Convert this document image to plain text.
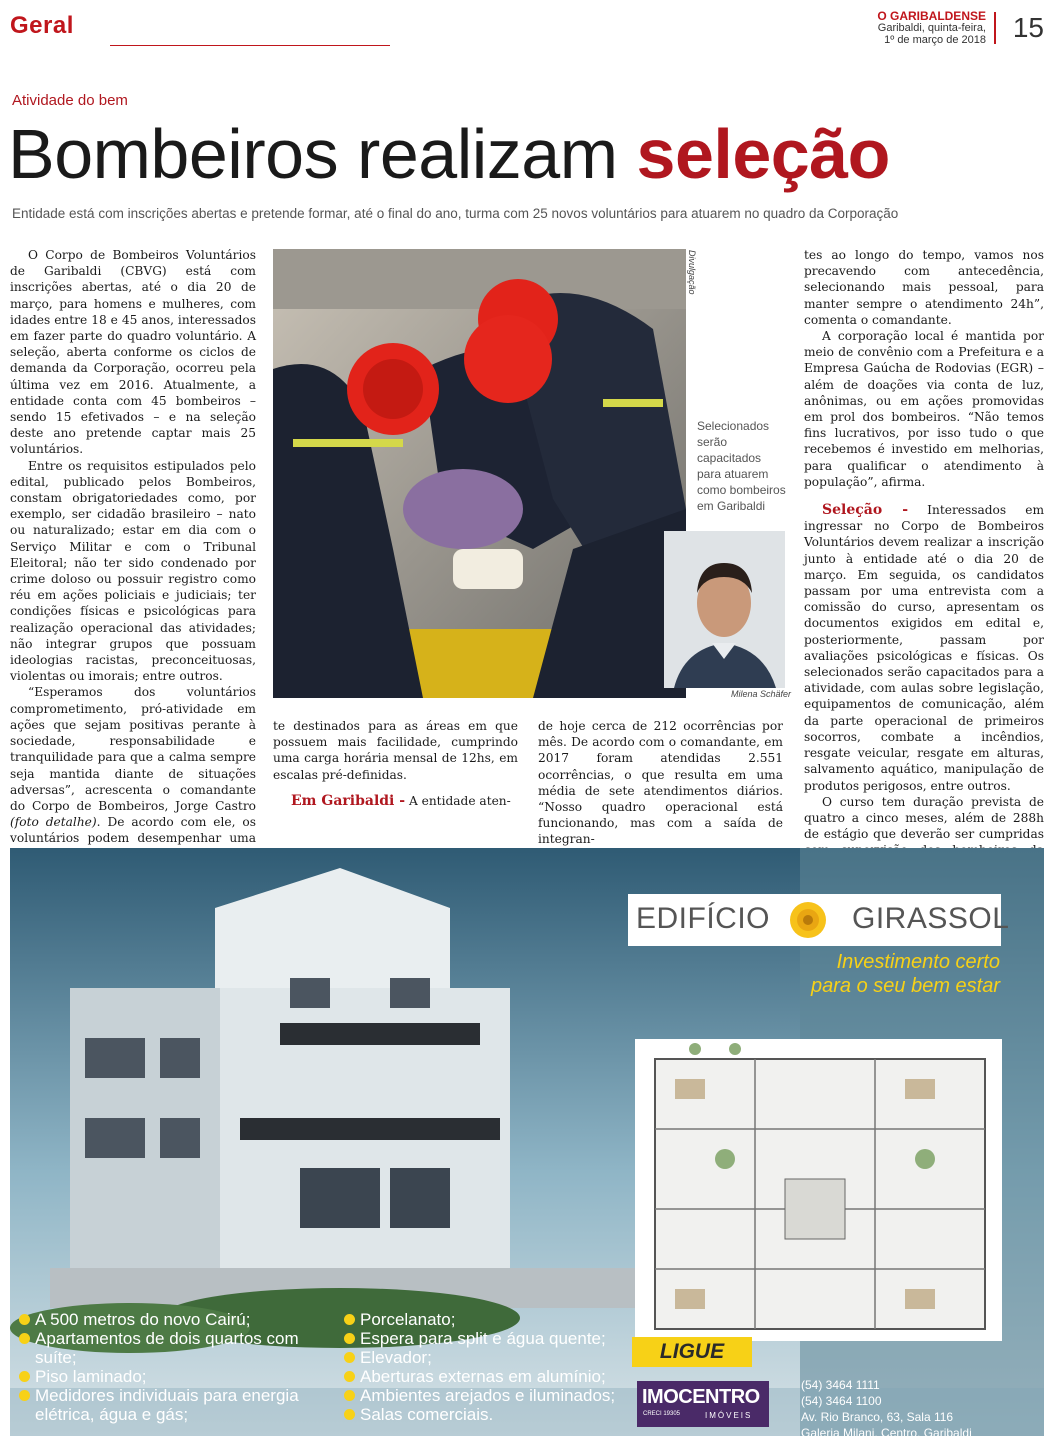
Geral	O GARIBALDENSE
Garibaldi, quinta-feira,
1º de março de 2018 15
Atividade do bem
Bombeiros realizam seleção
Entidade está com inscrições abertas e pretende formar, até o final do ano, turma com 25 novos voluntários para atuarem no quadro da Corporação

O Corpo de Bombeiros Voluntários de Garibaldi (CBVG) está com inscrições abertas, até o dia 20 de março, para homens e mulheres, com idades entre 18 e 45 anos, interessados em fazer parte do quadro voluntário. A seleção, aberta conforme os ciclos de demanda da Corporação, ocorreu pela última vez em 2016. Atualmente, a entidade conta com 45 bombeiros – sendo 15 efetivados – e na seleção deste ano pretende captar mais 25 voluntários.

Entre os requisitos estipulados pelo edital, publicado pelos Bombeiros, constam obrigatoriedades como, por exemplo, ser cidadão brasileiro – nato ou naturalizado; estar em dia com o Serviço Militar e com o Tribunal Eleitoral; não ter sido condenado por crime doloso ou possuir registro como réu em ações policiais e judiciais; ter condições físicas e psicológicas para realização operacional das atividades; não integrar grupos que possuam ideologias racistas, preconceituosas, violentas ou imorais; entre outros.

“Esperamos dos voluntários comprometimento, pró-atividade em ações que sejam positivas perante à sociedade, responsabilidade e tranquilidade para que a calma sempre seja mantida diante de situações adversas”, acrescenta o comandante do Corpo de Bombeiros, Jorge Castro (foto detalhe). De acordo com ele, os voluntários podem desempenhar uma

Divulgação
Selecionados serão capacitados para atuarem como bombeiros em Garibaldi
Milena Schäfer

te destinados para as áreas em que possuem mais facilidade, cumprindo uma carga horária mensal de 12hs, em escalas pré-definidas.

Em Garibaldi - A entidade aten-

de hoje cerca de 212 ocorrências por mês. De acordo com o comandante, em 2017 foram atendidas 2.551 ocorrências, o que resulta em uma média de sete atendimentos diários. “Nosso quadro operacional está funcionando, mas com a saída de integran-

tes ao longo do tempo, vamos nos precavendo com antecedência, selecionando mais pessoal, para manter sempre o atendimento 24h”, comenta o comandante.

A corporação local é mantida por meio de convênio com a Prefeitura e a Empresa Gaúcha de Rodovias (EGR) – além de doações via conta de luz, anônimas, ou em ações promovidas em prol dos bombeiros. “Não temos fins lucrativos, por isso tudo o que recebemos é investido em melhorias, para qualificar o atendimento à população”, afirma.

Seleção - Interessados em ingressar no Corpo de Bombeiros Voluntários devem realizar a inscrição junto à entidade até o dia 20 de março. Em seguida, os candidatos passam por uma entrevista com a comissão do curso, apresentam os documentos exigidos em edital e, posteriormente, passam por avaliações psicológicas e físicas. Os selecionados serão capacitados para a atividade, com aulas sobre legislação, equipamentos de comunicação, além da parte operacional de primeiros socorros, combate a incêndios, resgate veicular, resgate em alturas, salvamento aquático, manipulação de produtos perigosos, entre outros.

O curso tem duração prevista de quatro a cinco meses, além de 288h de estágio que deverão ser cumpridas

EDIFÍCIO	GIRASSOL
Investimento certo
para o seu bem estar
A 500 metros do novo Cairú;
Apartamentos de dois quartos com suíte;
Piso laminado;
Medidores individuais para energia elétrica, água e gás;
Porcelanato;
Espera para split e água quente;
Elevador;
Aberturas externas em alumínio;
Ambientes arejados e iluminados;
Salas comerciais.
LIGUE
IMOCENTRO
CRECI 19305	IMÓVEIS
(54) 3464 1111
(54) 3464 1100
Av. Rio Branco, 63, Sala 116
Galeria Milani, Centro, Garibaldi
